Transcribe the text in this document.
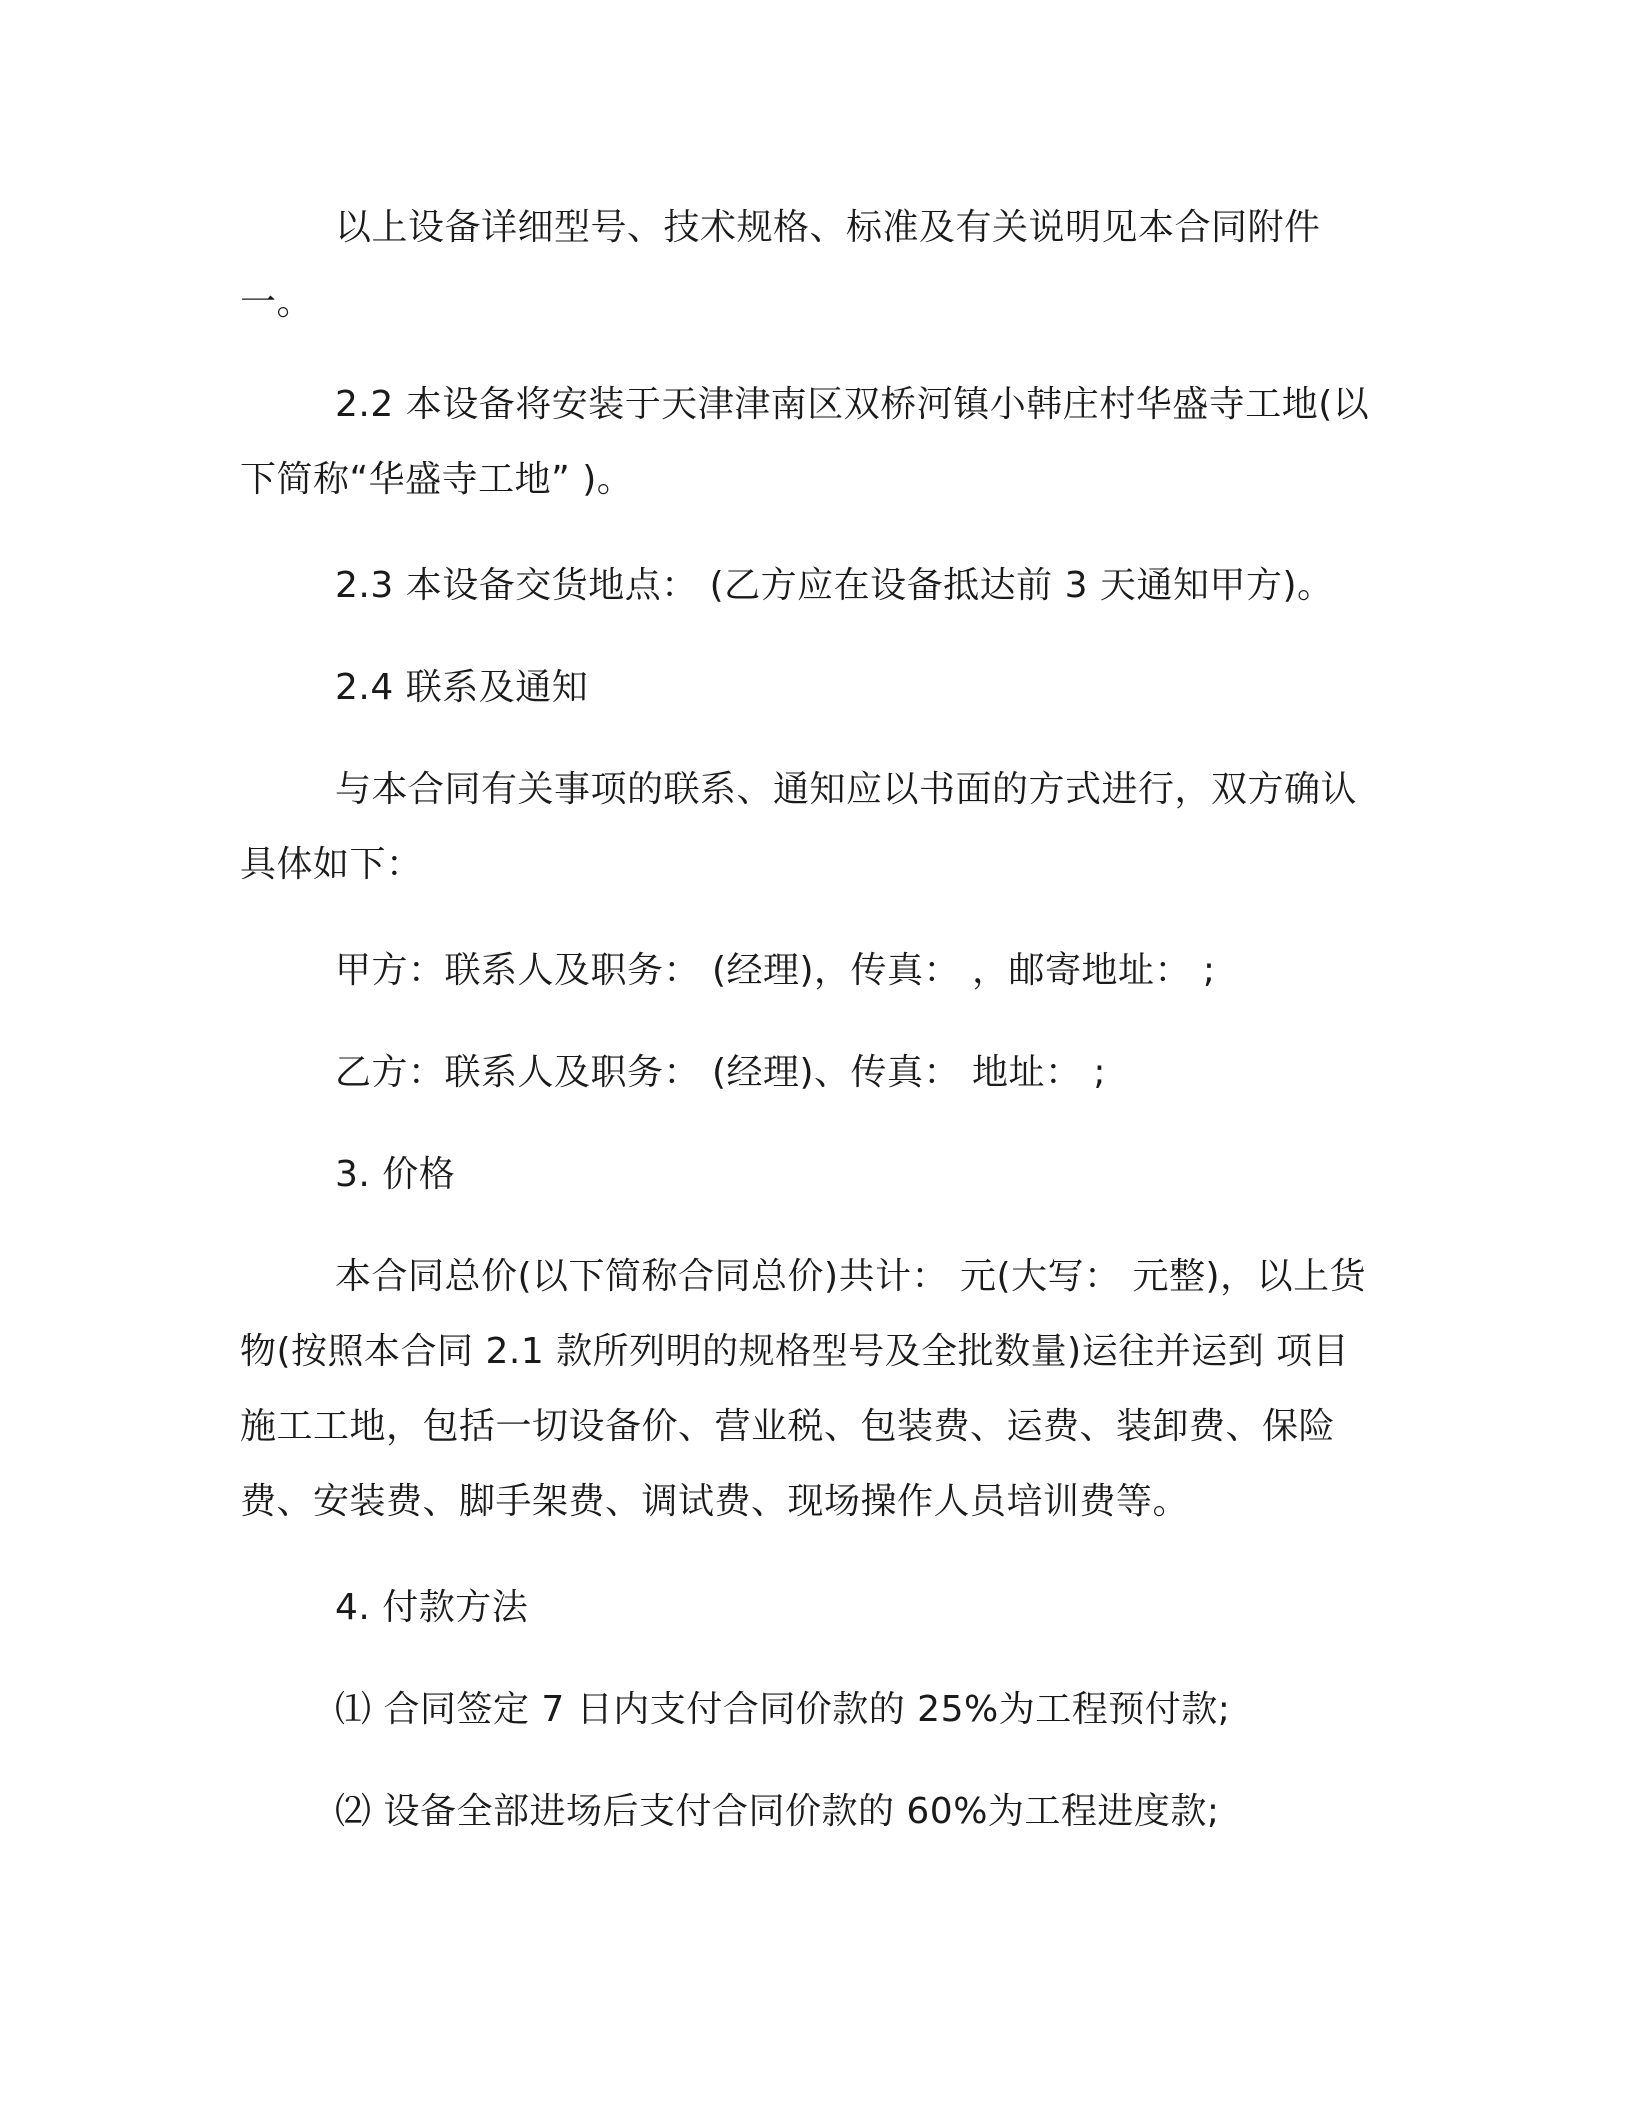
以上设备详细型号、技术规格、标准及有关说明见本合同附件一。

2.2 本设备将安装于天津津南区双桥河镇小韩庄村华盛寺工地(以下简称“华盛寺工地” )。

2.3 本设备交货地点： (乙方应在设备抵达前 3 天通知甲方)。

2.4 联系及通知

与本合同有关事项的联系、通知应以书面的方式进行，双方确认具体如下：

甲方：联系人及职务： (经理)，传真： ，邮寄地址： ;

乙方：联系人及职务： (经理)、传真： 地址： ;

3. 价格

本合同总价(以下简称合同总价)共计： 元(大写： 元整)，以上货物(按照本合同 2.1 款所列明的规格型号及全批数量)运往并运到 项目施工工地，包括一切设备价、营业税、包装费、运费、装卸费、保险费、安装费、脚手架费、调试费、现场操作人员培训费等。

4. 付款方法

⑴ 合同签定 7 日内支付合同价款的 25%为工程预付款;

⑵ 设备全部进场后支付合同价款的 60%为工程进度款;
